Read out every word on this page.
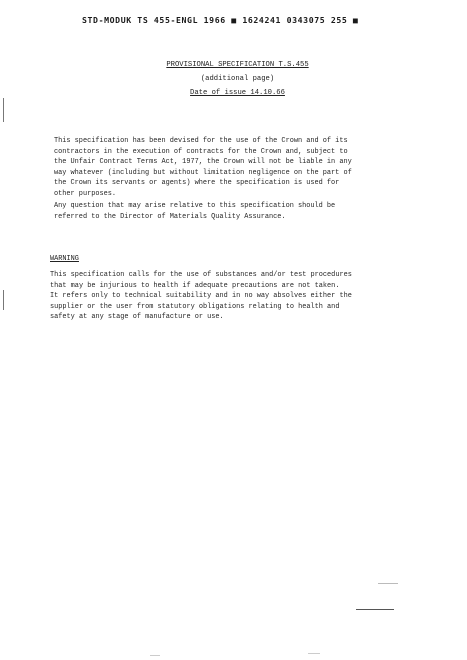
STD-MODUK TS 455-ENGL 1966 ■ 1624241 0343075 255 ■
PROVISIONAL SPECIFICATION T.S.455
(additional page)
Date of issue 14.10.66
This specification has been devised for the use of the Crown and of its
contractors in the execution of contracts for the Crown and, subject to
the Unfair Contract Terms Act, 1977, the Crown will not be liable in any
way whatever (including but without limitation negligence on the part of
the Crown its servants or agents) where the specification is used for
other purposes.
Any question that may arise relative to this specification should be
referred to the Director of Materials Quality Assurance.
WARNING
This specification calls for the use of substances and/or test procedures
that may be injurious to health if adequate precautions are not taken.
It refers only to technical suitability and in no way absolves either the
supplier or the user from statutory obligations relating to health and
safety at any stage of manufacture or use.
